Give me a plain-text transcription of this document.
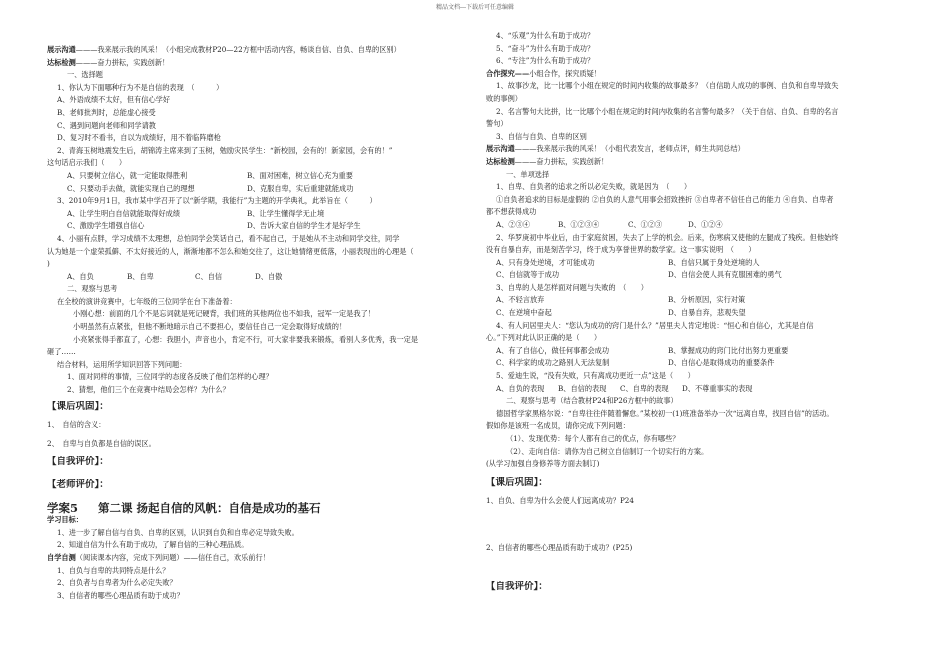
精品文档---下载后可任意编辑
展示沟通———我来展示我的风采！（小组完成教材P20—22方框中活动内容，畅谈自信、自负、自卑的区别）
达标检测———奋力拼耘，实践创新！
一、选择题
1、你认为下面哪种行为不是自信的表现　（　　　）
A、外语成绩不太好，但有信心学好
B、老师批判时，总能虚心接受
C、遇到问题向老师和同学请教
D、复习时不看书，自以为成绩好，用不着临阵磨枪
2、青海玉树地震发生后，胡锦涛主席来到了玉树，勉励灾民学生：“新校园，会有的！新家园，会有的！”
这句话启示我们（　　）
A、只要树立信心，就一定能取得胜利	B、面对困难，树立信心充为重要
C、只要动手去做，就能实现自己的理想	D、克服自卑，实后重建就能成功
3、2010年9月1日，我市某中学召开了以“新学期，我能行”为主题的开学典礼，此举旨在（　　　）
A、让学生明白自信就能取得好成绩	B、让学生懂得学无止境
C、激励学生增强自信心	D、告诉大家自信的学生才是好学生
4、小丽有点胖，学习成绩不太理想，总怕同学会笑话自己，看不起自己，于是她从不主动和同学交往，同学
认为她是一个虚荣孤僻、不太好接近的人，渐渐地都不怎么和她交往了，这让她情绪更低落，小丽表现出的心理是（
)
A、自负	B、自卑	C、自信	D、自傲
二、观察与思考
在全校的演讲竞赛中，七年级的三位同学在台下准备着：
小刚心想：前面的几个不是忘词就是死记硬背，我们班的其他两位也不如我，冠军一定是我了！
小明虽然有点紧张，但他不断地暗示自己不要担心，要信任自己一定会取得好成绩的！
小亮紧张得手都直了，心想：我胆小，声音也小，肯定不行，可大家非要我来锻炼，看别人多优秀，我一定是
砸了……
结合材料，运用所学知识回答下列问题：
1、面对同样的事情，三位同学的态度各反映了他们怎样的心理？
2、猜想，他们三个在竞赛中结局会怎样？为什么？
【课后巩固】：
1、　自信的含义：
2、　自卑与自负都是自信的误区。
【自我评价】：
【老师评价】：
学案5 第二课 扬起自信的风帆：自信是成功的基石
学习目标：
1、进一步了解自信与自负、自卑的区别，认识到自负和自卑必定导致失败。
2、知道自信为什么有助于成功，了解自信的三种心理品质。
自学自测（阅读课本内容，完成下列问题）——信任自己，欢乐前行！
1、自负与自卑的共同特点是什么？
2、自负者与自卑者为什么必定失败？
3、自信者的哪些心理品质有助于成功？
4、“乐观”为什么有助于成功？
5、“奋斗”为什么有助于成功？
6、“专注”为什么有助于成功？
合作探究——小组合作，探究质疑！
1、故事沙龙，比一比哪个小组在规定的时间内收集的故事最多？（自信助人成功的事例、自负和自卑导致失
败的事例）
2、名言警句大比拼，比一比哪个小组在规定的时间内收集的名言警句最多？（关于自信、自负、自卑的名言
警句）
3、自信与自负、自卑的区别
展示沟通———我来展示我的风采！（小组代表发言，老师点评，师生共同总结）
达标检测———奋力拼耘，实践创新！
一、单项选择
1、自卑、自负者的追求之所以必定失败，就是因为　（　　）
①自负者追求的目标是虚假的 ②自负的人意气用事会招致挫折 ③自卑者不信任自己的能力 ④自负、自卑者
都不想获得成功
A、②③④	B、①②③④	C、①②③	D、①②④
2、华罗庚初中毕业后，由于家庭贫困，失去了上学的机会。后来，伤寒病又使他的左腿成了残疾。但他始终
没有自暴自弃，而是刻苦学习，终于成为享誉世界的数学家。这一事实说明　（　　）
A、只有身处逆境，才可能成功	B、自信只属于身处逆境的人
C、自信就等于成功	D、自信会使人具有克服困难的勇气
3、自卑的人是怎样面对问题与失败的　（　　）
A、不轻言放弃	B、分析原因，实行对策
C、在逆境中奋起	D、自暴自弃，悲观失望
4、有人问居里夫人：“您认为成功的窍门是什么？”居里夫人肯定地说：“恒心和自信心，尤其是自信
心。”下列对此认识正确的是（　　）
A、有了自信心，做任何事都会成功	B、掌握成功的窍门比付出努力更重要
C、科学家的成功之路别人无法复制	D、自信心是取得成功的重要条件
5、爱迪生说，“没有失败，只有离成功更近一点”这是（　　）
A、自负的表现 B、自信的表现 C、自卑的表现 D、不尊重事实的表现
二、观察与思考（结合教材P24和P26方框中的故事）
德国哲学家黑格尔说：“自卑往往伴随着懈怠。”某校初一(1)班准备举办一次“远离自卑，找回自信”的活动。
假如你是该班一名成员，请你完成下列问题：
（1）、发现优势：每个人都有自己的优点，你有哪些？
（2）、走向自信：请你为自己树立自信制订一个切实行的方案。
(从学习加强自身修养等方面去制订)
【课后巩固】：
1、自负、自卑为什么会使人们远离成功？P24
2、自信者的哪些心理品质有助于成功？(P25)
【自我评价】：
